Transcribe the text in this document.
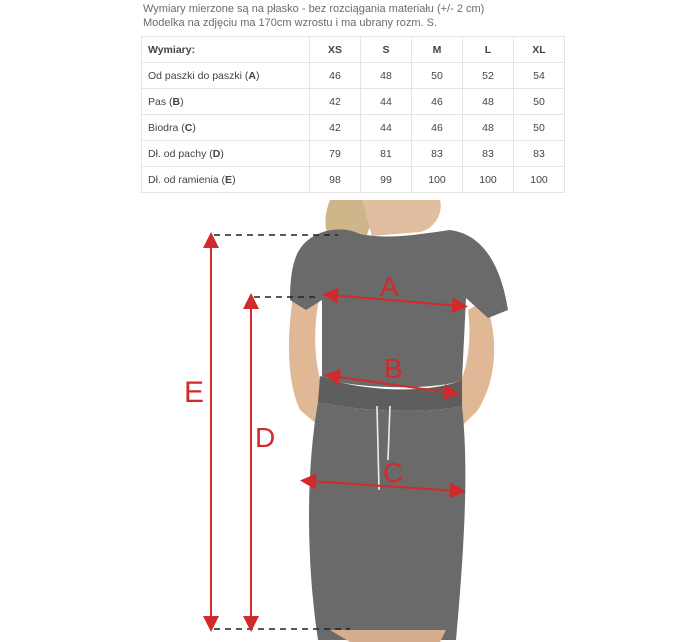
Wymiary mierzone są na płasko - bez rozciągania materiału (+/- 2 cm)
Modelka na zdjęciu ma 170cm wzrostu i ma ubrany rozm. S.
Wymiary:	XS	S	M	L	XL
Od paszki do paszki (A)	46	48	50	52	54
Pas (B)	42	44	46	48	50
Biodra (C)	42	44	46	48	50
Dł. od pachy (D)	79	81	83	83	83
Dł. od ramienia (E)	98	99	100	100	100
A
B
C
D
E
